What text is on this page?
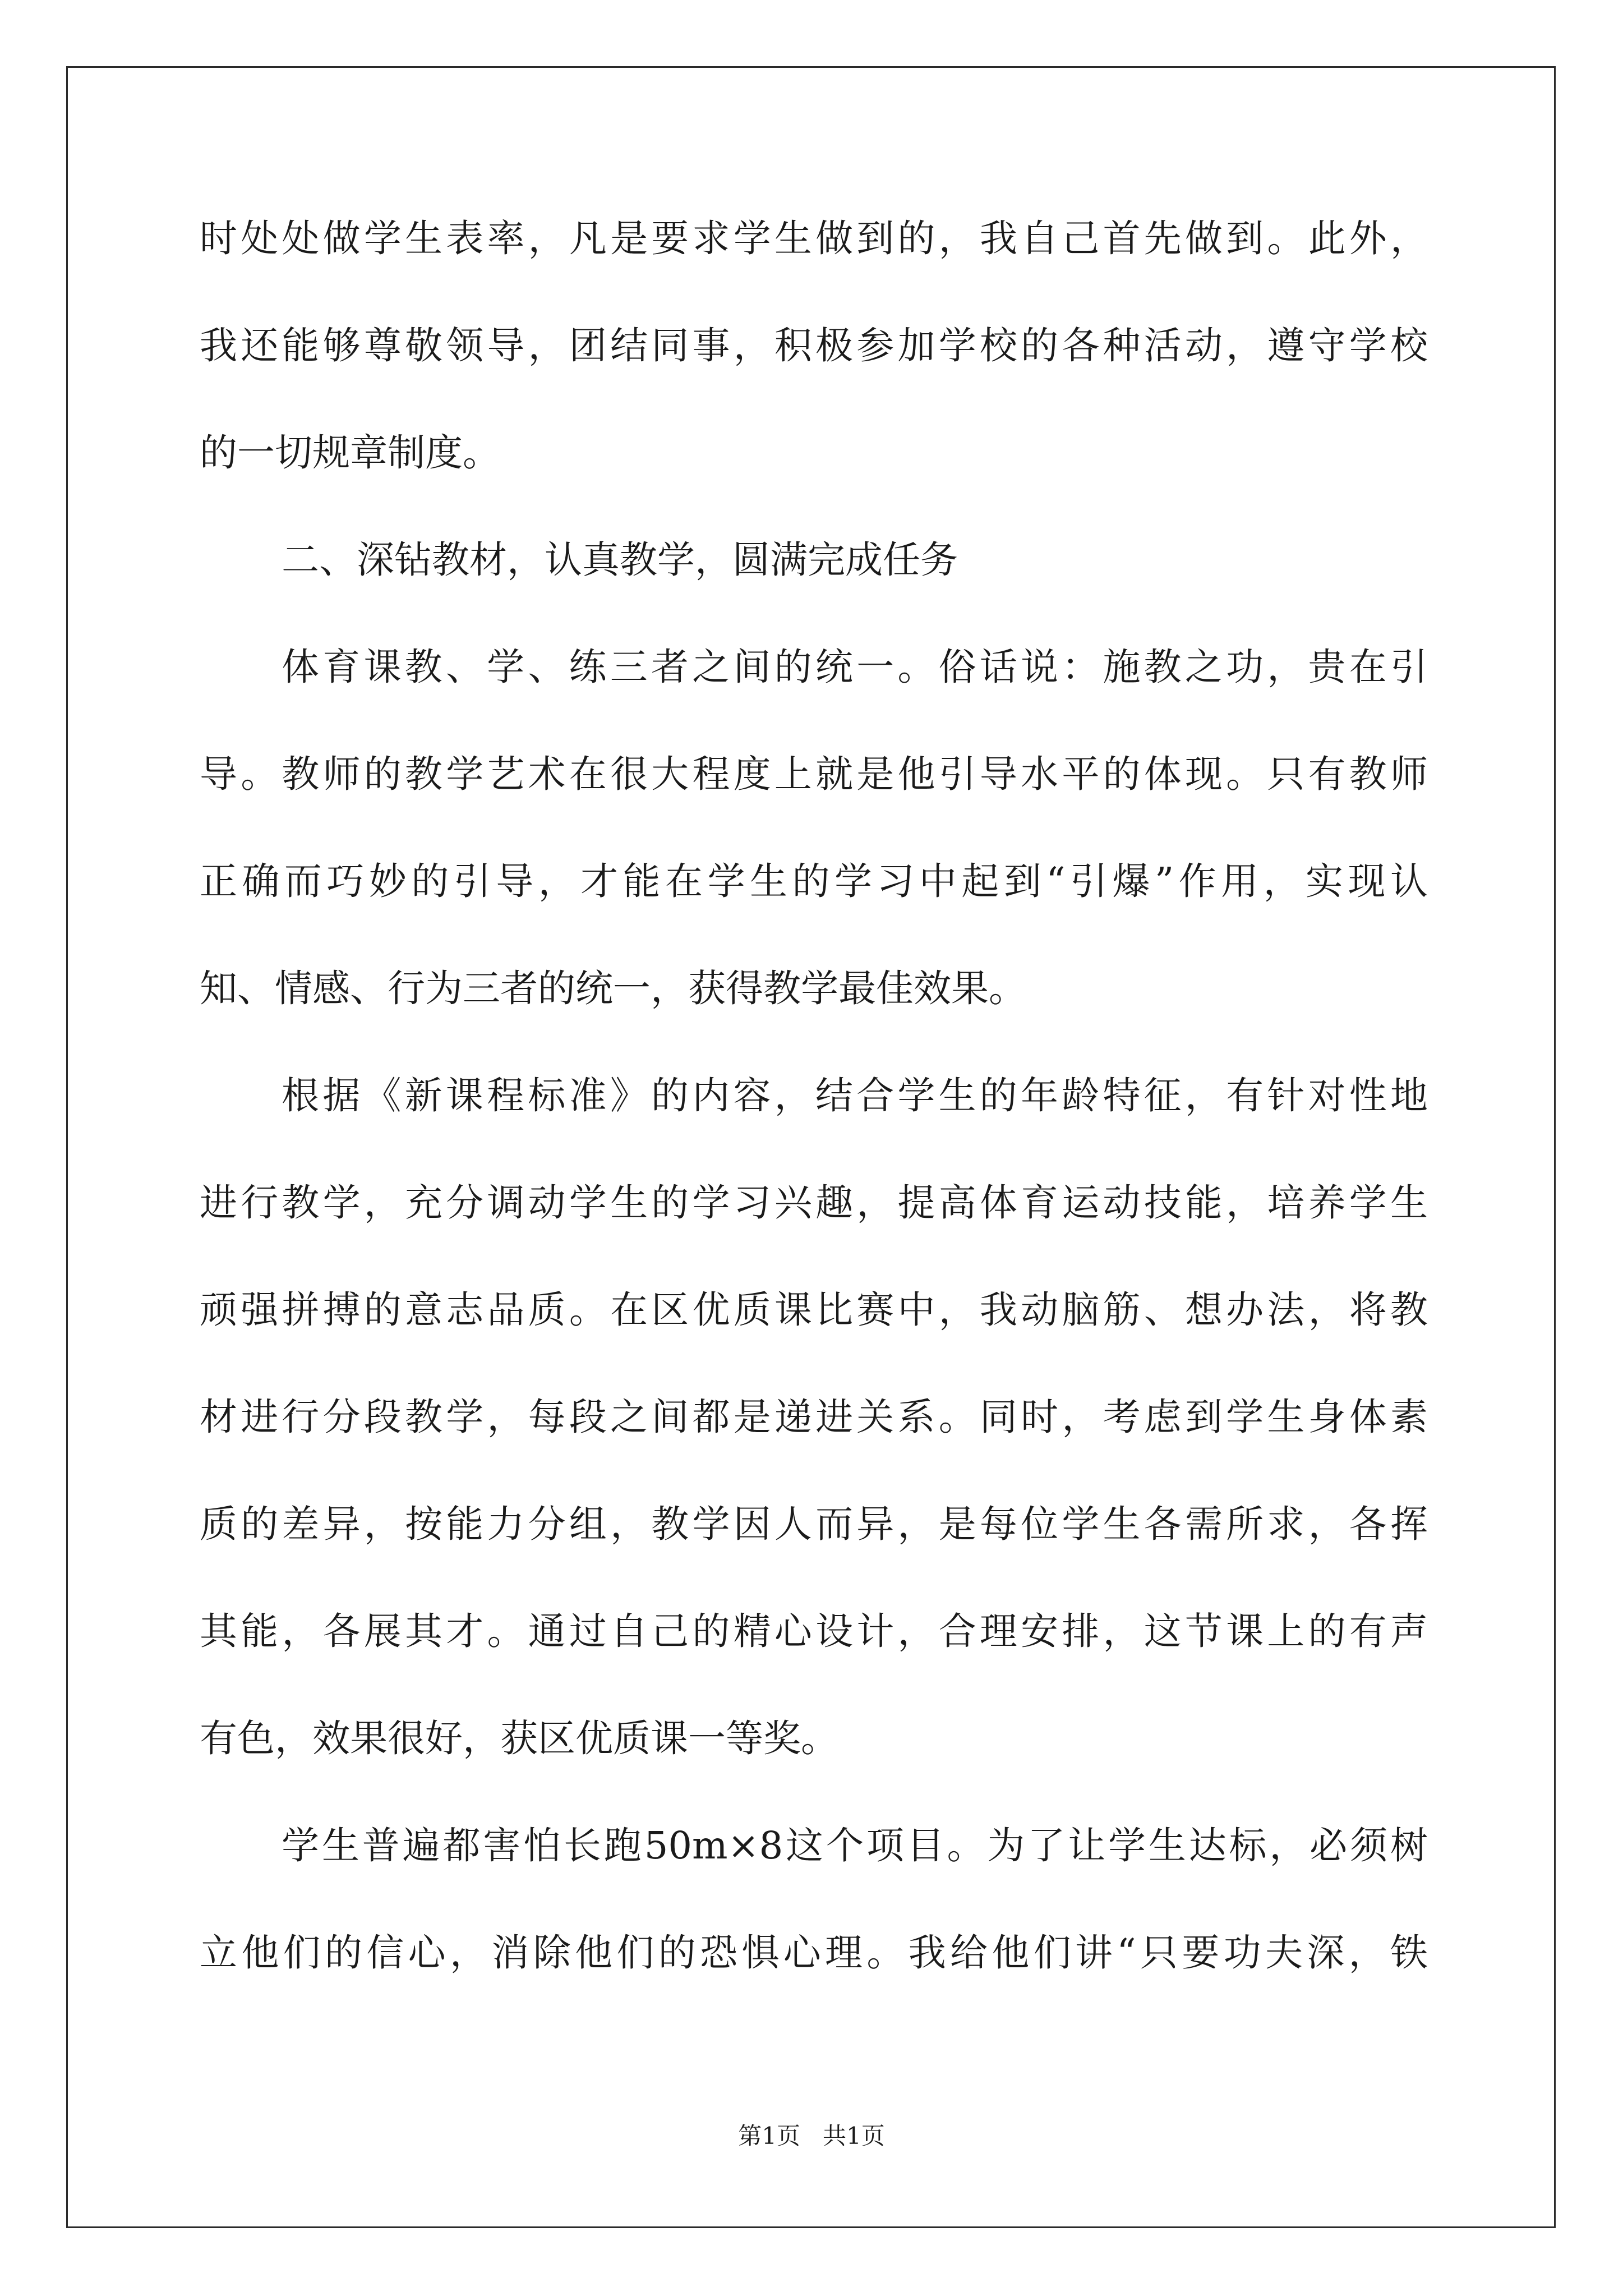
时处处做学生表率，凡是要求学生做到的，我自己首先做到。此外，
我还能够尊敬领导，团结同事，积极参加学校的各种活动，遵守学校
的一切规章制度。
二、深钻教材，认真教学，圆满完成任务
体育课教、学、练三者之间的统一。俗话说：施教之功，贵在引
导。教师的教学艺术在很大程度上就是他引导水平的体现。只有教师
正确而巧妙的引导，才能在学生的学习中起到“引爆”作用，实现认
知、情感、行为三者的统一，获得教学最佳效果。
根据《新课程标准》的内容，结合学生的年龄特征，有针对性地
进行教学，充分调动学生的学习兴趣，提高体育运动技能，培养学生
顽强拼搏的意志品质。在区优质课比赛中，我动脑筋、想办法，将教
材进行分段教学，每段之间都是递进关系。同时，考虑到学生身体素
质的差异，按能力分组，教学因人而异，是每位学生各需所求，各挥
其能，各展其才。通过自己的精心设计，合理安排，这节课上的有声
有色，效果很好，获区优质课一等奖。
学生普遍都害怕长跑50m×8这个项目。为了让学生达标，必须树
立他们的信心，消除他们的恐惧心理。我给他们讲“只要功夫深，铁
第1页 共1页
